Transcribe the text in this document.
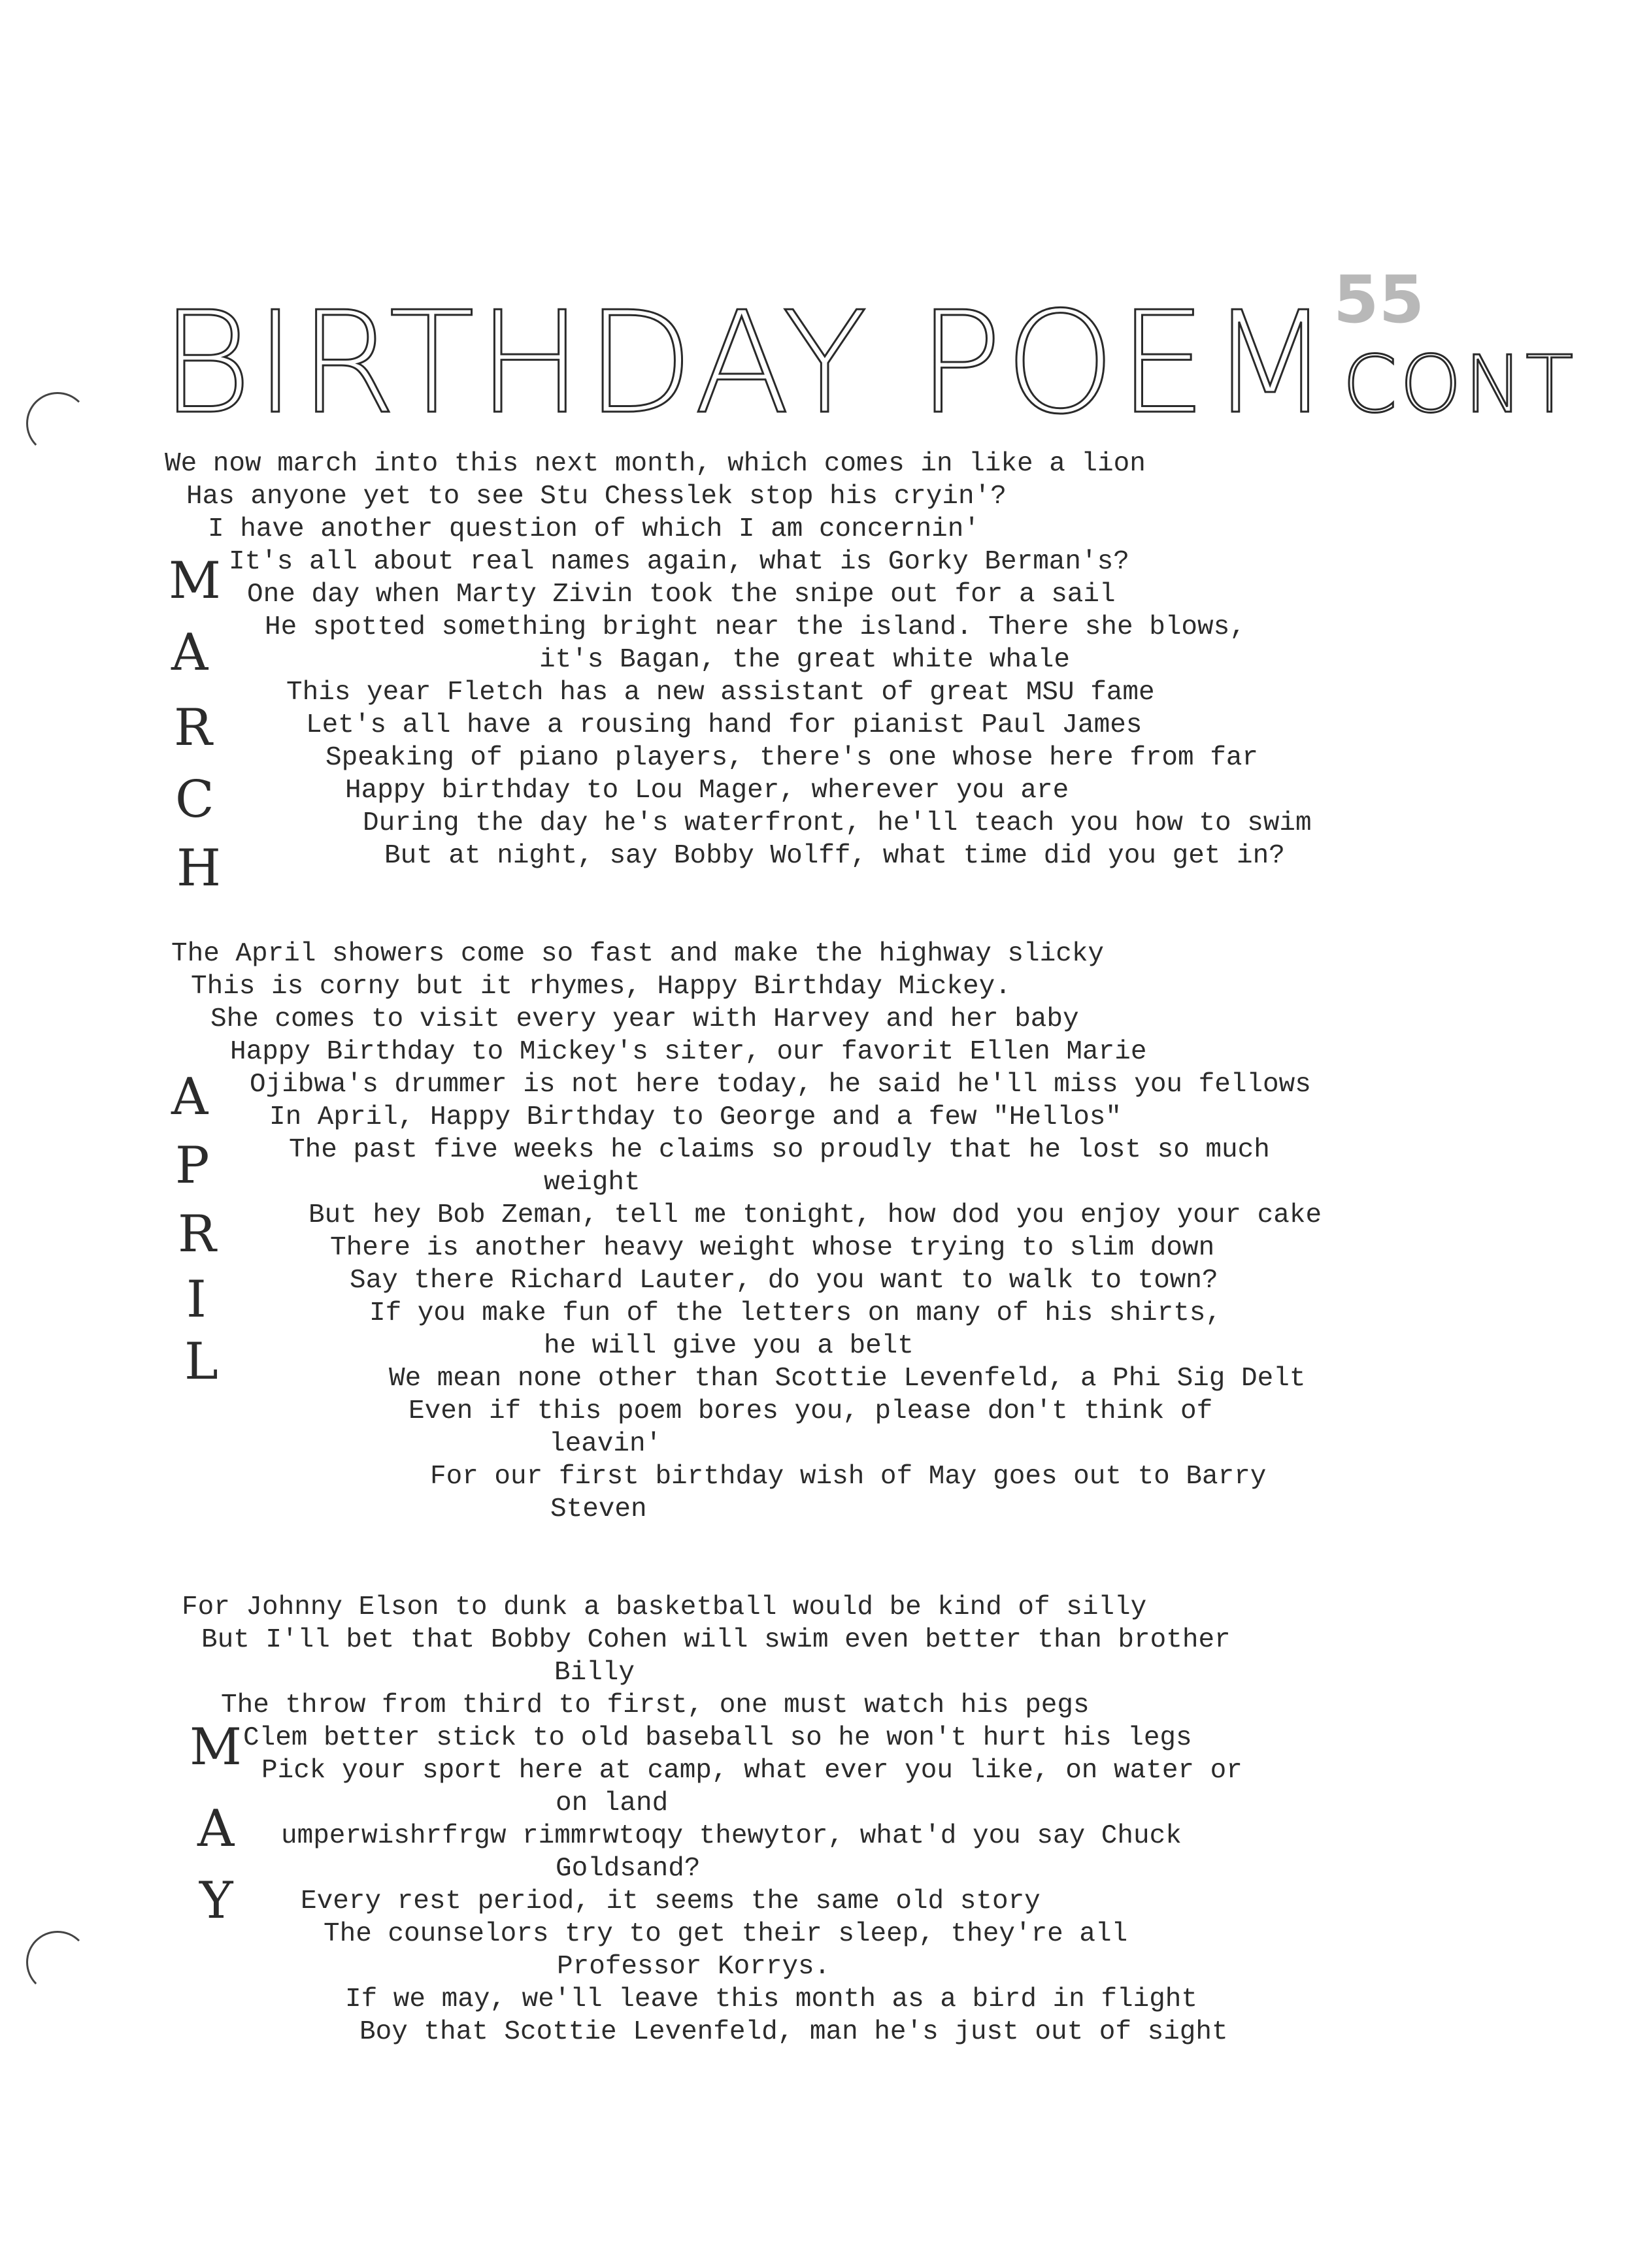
BIRTHDAY POEM CONT
55
M
A
R
C
H
We now march into this next month, which comes in like a lion
Has anyone yet to see Stu Chesslek stop his cryin'?
I have another question of which I am concernin'
It's all about real names again, what is Gorky Berman's?
One day when Marty Zivin took the snipe out for a sail
He spotted something bright near the island. There she blows,
it's Bagan, the great white whale
This year Fletch has a new assistant of great MSU fame
Let's all have a rousing hand for pianist Paul James
Speaking of piano players, there's one whose here from far
Happy birthday to Lou Mager, wherever you are
During the day he's waterfront, he'll teach you how to swim
But at night, say Bobby Wolff, what time did you get in?
A
P
R
I
L
The April showers come so fast and make the highway slicky
This is corny but it rhymes, Happy Birthday Mickey.
She comes to visit every year with Harvey and her baby
Happy Birthday to Mickey's siter, our favorit Ellen Marie
Ojibwa's drummer is not here today, he said he'll miss you fellows
In April, Happy Birthday to George and a few "Hellos"
The past five weeks he claims so proudly that he lost so much
weight
But hey Bob Zeman, tell me tonight, how dod you enjoy your cake
There is another heavy weight whose trying to slim down
Say there Richard Lauter, do you want to walk to town?
If you make fun of the letters on many of his shirts,
he will give you a belt
We mean none other than Scottie Levenfeld, a Phi Sig Delt
Even if this poem bores you, please don't think of
leavin'
For our first birthday wish of May goes out to Barry
Steven
M
A
Y
For Johnny Elson to dunk a basketball would be kind of silly
But I'll bet that Bobby Cohen will swim even better than brother
Billy
The throw from third to first, one must watch his pegs
Clem better stick to old baseball so he won't hurt his legs
Pick your sport here at camp, what ever you like, on water or
on land
umperwishrfrgw rimmrwtoqy thewytor, what'd you say Chuck
Goldsand?
Every rest period, it seems the same old story
The counselors try to get their sleep, they're all
Professor Korrys.
If we may, we'll leave this month as a bird in flight
Boy that Scottie Levenfeld, man he's just out of sight
